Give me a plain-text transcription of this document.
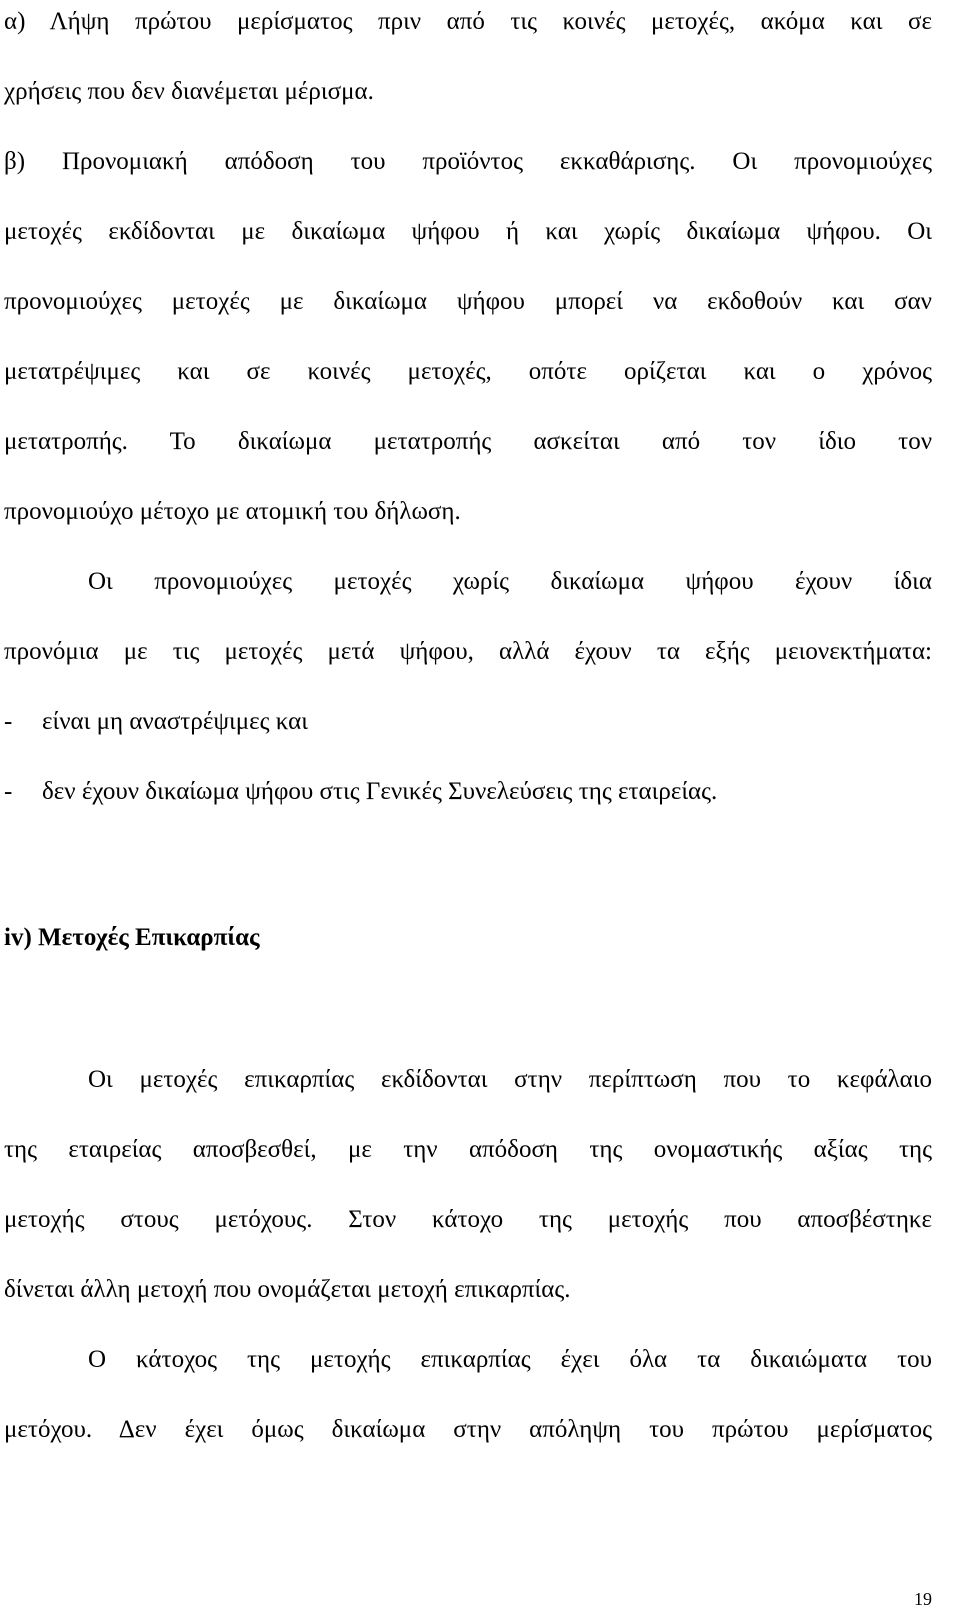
α) Λήψη πρώτου μερίσματος πριν από τις κοινές μετοχές, ακόμα και σε
χρήσεις που δεν διανέμεται μέρισμα.
β) Προνομιακή απόδοση του προϊόντος εκκαθάρισης. Οι προνομιούχες
μετοχές εκδίδονται με δικαίωμα ψήφου ή και χωρίς δικαίωμα ψήφου. Οι
προνομιούχες μετοχές με δικαίωμα ψήφου μπορεί να εκδοθούν και σαν
μετατρέψιμες και σε κοινές μετοχές, οπότε ορίζεται και ο χρόνος
μετατροπής. Το δικαίωμα μετατροπής ασκείται από τον ίδιο τον
προνομιούχο μέτοχο με ατομική του δήλωση.
Οι προνομιούχες μετοχές χωρίς δικαίωμα ψήφου έχουν ίδια
προνόμια με τις μετοχές μετά ψήφου, αλλά έχουν τα εξής μειονεκτήματα:
-	είναι μη αναστρέψιμες και
-	δεν έχουν δικαίωμα ψήφου στις Γενικές Συνελεύσεις της εταιρείας.
iv) Μετοχές Επικαρπίας
Οι μετοχές επικαρπίας εκδίδονται στην περίπτωση που το κεφάλαιο
της εταιρείας αποσβεσθεί, με την απόδοση της ονομαστικής αξίας της
μετοχής στους μετόχους. Στον κάτοχο της μετοχής που αποσβέστηκε
δίνεται άλλη μετοχή που ονομάζεται μετοχή επικαρπίας.
Ο κάτοχος της μετοχής επικαρπίας έχει όλα τα δικαιώματα του
μετόχου. Δεν έχει όμως δικαίωμα στην απόληψη του πρώτου μερίσματος
19
